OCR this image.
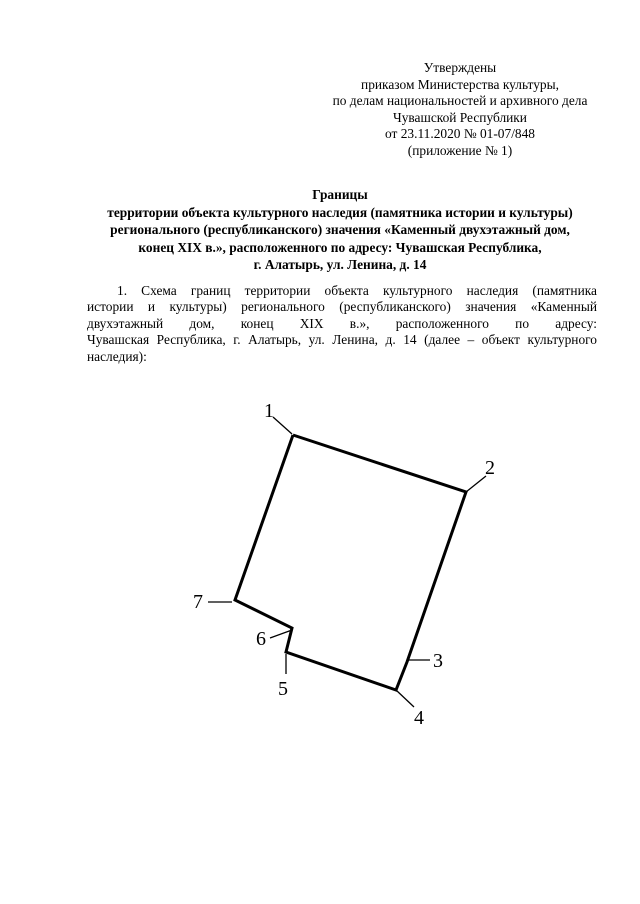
Утверждены
приказом Министерства культуры,
по делам национальностей и архивного дела
Чувашской Республики
от 23.11.2020 № 01-07/848
(приложение № 1)
Границы
территории объекта культурного наследия (памятника истории и культуры)
регионального (республиканского) значения «Каменный двухэтажный дом,
конец XIX в.», расположенного по адресу: Чувашская Республика,
г. Алатырь, ул. Ленина, д. 14
1. Схема границ территории объекта культурного наследия (памятника
истории и культуры) регионального (республиканского) значения «Каменный
двухэтажный дом, конец XIX в.», расположенного по адресу:
Чувашская Республика, г. Алатырь, ул. Ленина, д. 14 (далее – объект культурного
наследия):
1
2
3
4
5
6
7
